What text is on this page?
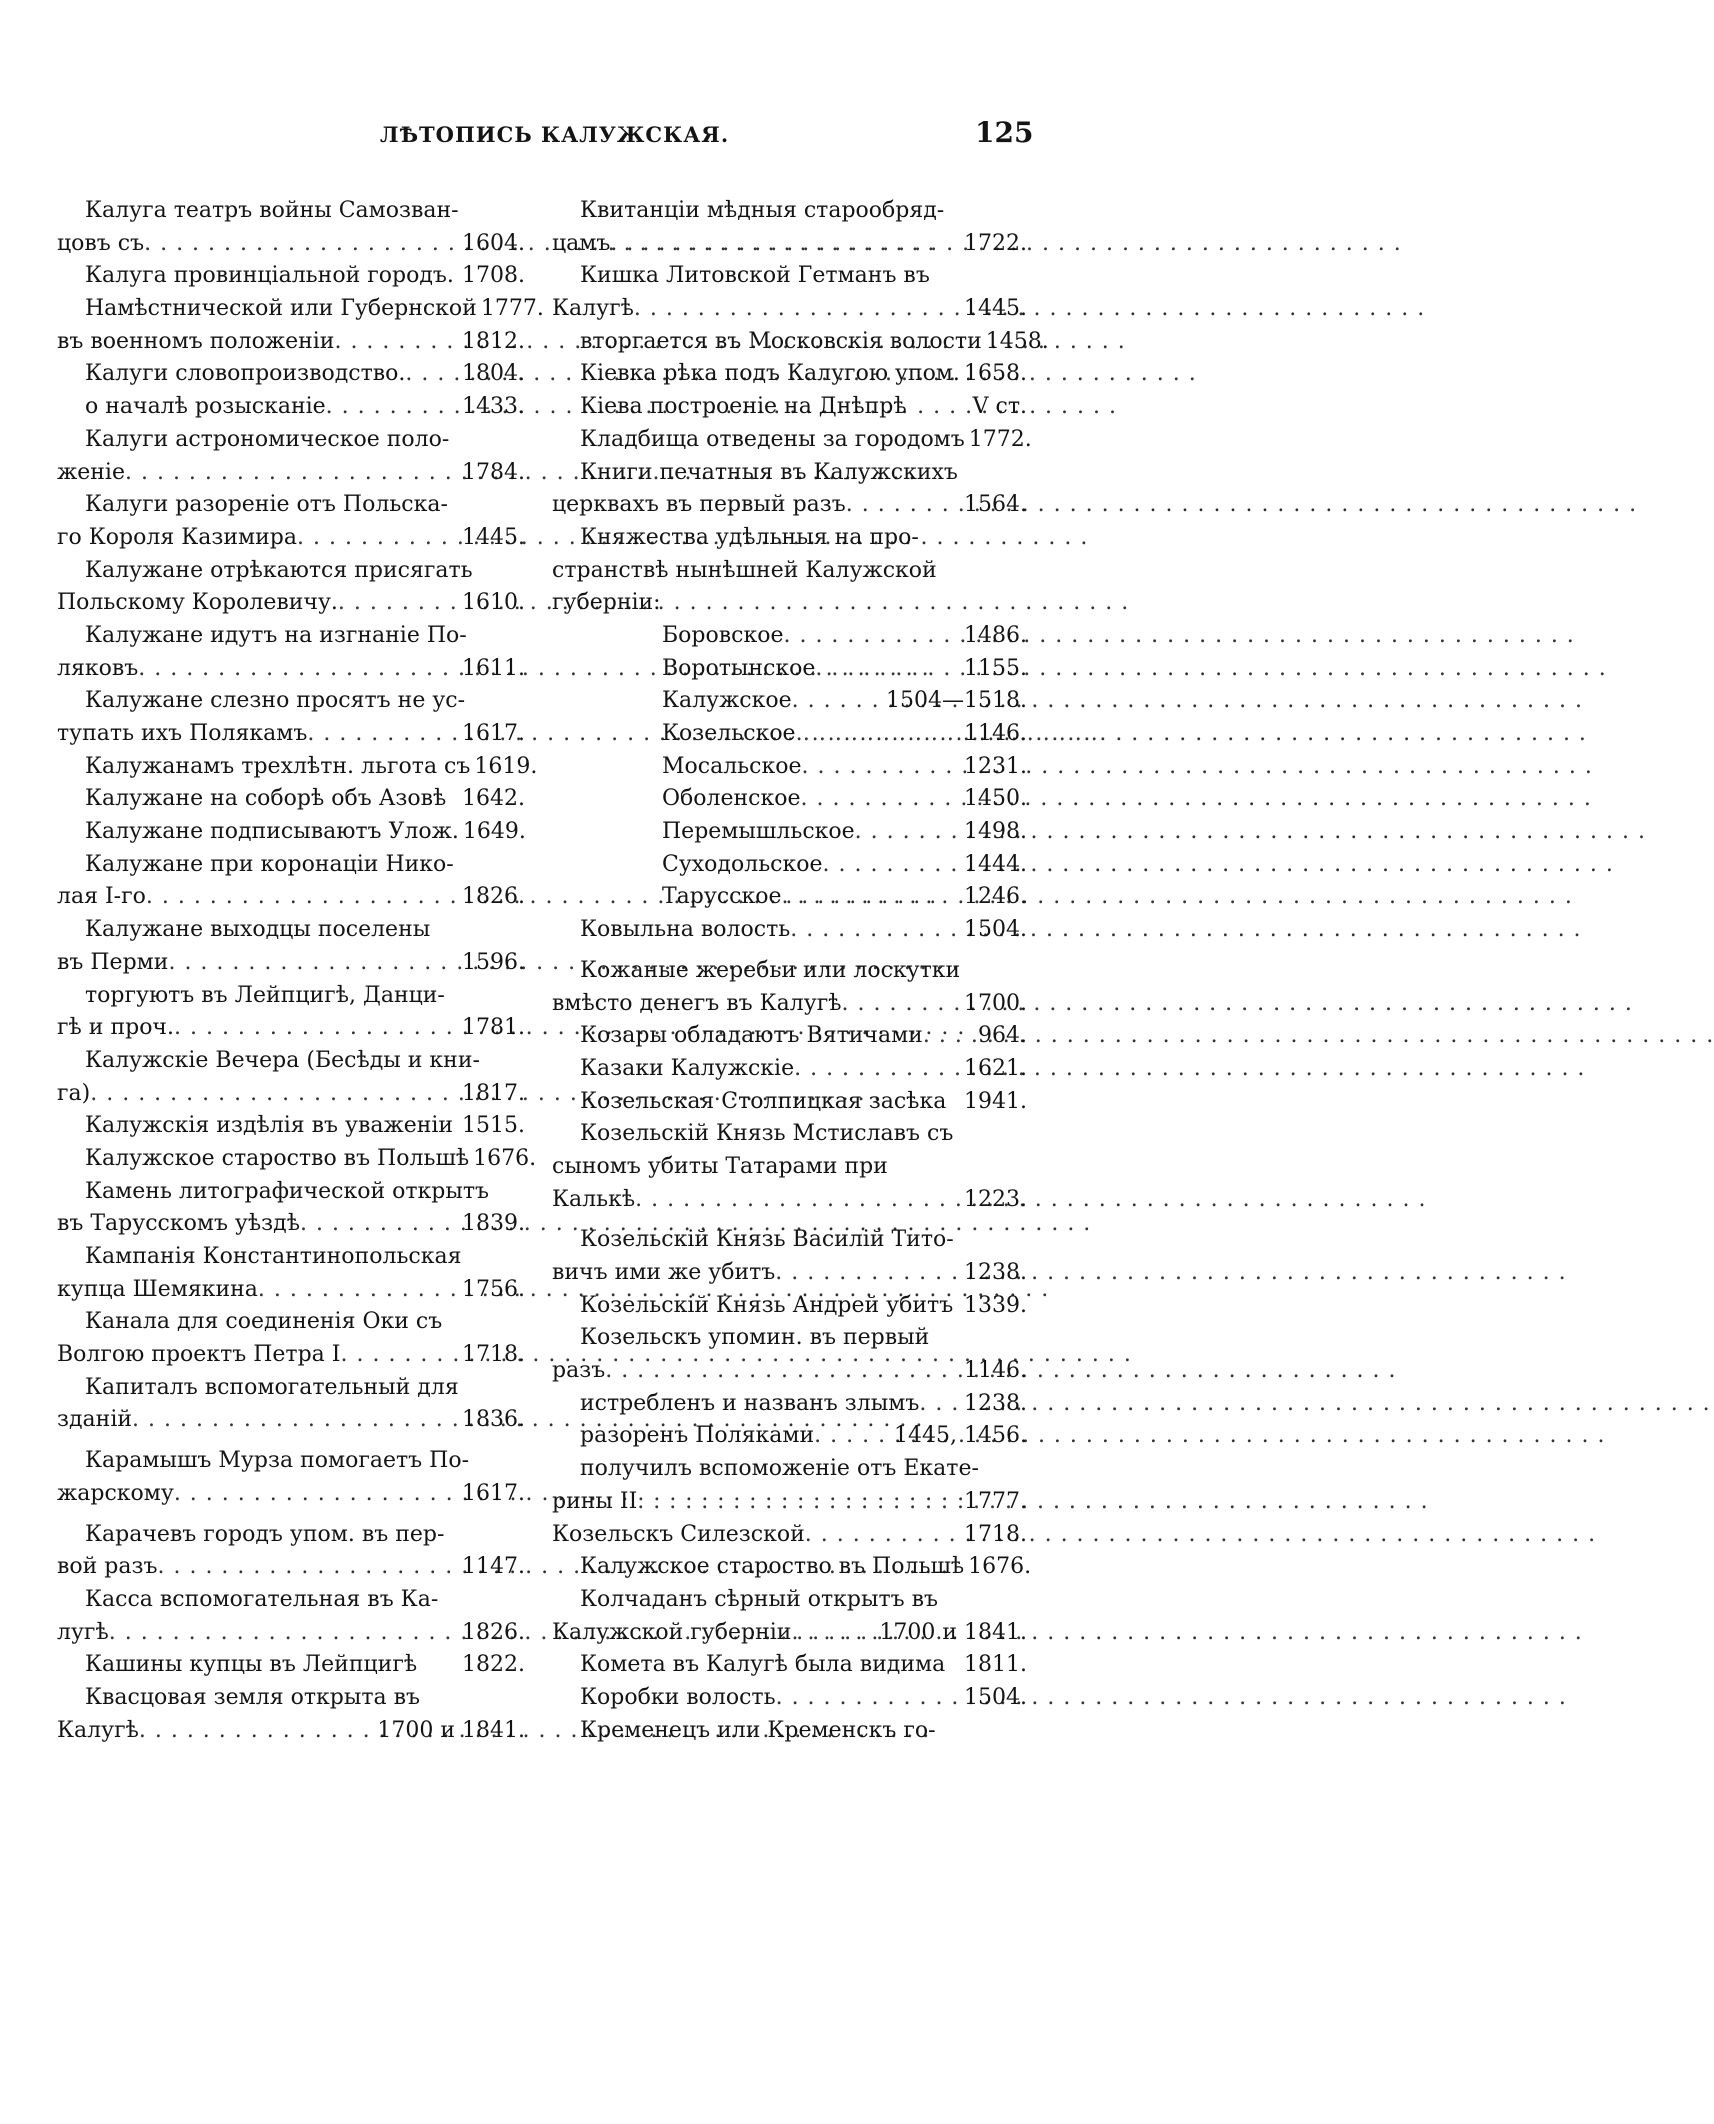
ЛѢТОПИСЬ КАЛУЖСКАЯ.	125
Калуга театръ войны Самозван-
цовъ съ . . .	1604.
Калуга провинціальной городъ. 1708.
Намѣстнической или Губернской 1777.
въ военномъ положеніи . . .	1812.
Калуги словопроизводство. . . .	1804.
о началѣ розысканіе . . .	1433.
Калуги астрономическое поло-
женіе . . .	1784.
Калуги разореніе отъ Польска-
го Короля Казимира . . .	1445.
Калужане отрѣкаются присягать
Польскому Королевичу. . . .	1610.
Калужане идутъ на изгнаніе По-
ляковъ . . .	1611.
Калужане слезно просятъ не ус-
тупать ихъ Полякамъ . . .	1617.
Калужанамъ трехлѣтн. льгота съ 1619.
Калужане на соборѣ объ Азовѣ 1642.
Калужане подписываютъ Улож. 1649.
Калужане при коронаціи Нико-
лая I-го . . .	1826.
Калужане выходцы поселены
въ Перми . . .	1596.
торгуютъ въ Лейпцигѣ, Данци-
гѣ и проч. . . .	1781.
Калужскіе Вечера (Бесѣды и кни-
га) . . .	1817.
Калужскія издѣлія въ уваженіи 1515.
Калужское староство въ Польшѣ 1676.
Камень литографической открытъ
въ Тарусскомъ уѣздѣ . . .	1839.
Кампанія Константинопольская
купца Шемякина . . .	1756.
Канала для соединенія Оки съ
Волгою проектъ Петра I . . .	1718.
Капиталъ вспомогательный для
зданій . . .	1836.
Карамышъ Мурза помогаетъ По-
жарскому . . .	1617.
Карачевъ городъ упом. въ пер-
вой разъ . . .	1147.
Касса вспомогательная въ Ка-
лугѣ . . .	1826.
Кашины купцы въ Лейпцигѣ 1822.
Квасцовая земля открыта въ
Калугѣ . . .	1700 и 1841.
Квитанціи мѣдныя старообряд-
цамъ . . .	1722.
Кишка Литовской Гетманъ въ
Калугѣ . . .	1445.
вторгается въ Московскія волости 1458.
Кіевка рѣка подъ Калугою упом. 1658.
Кіева построеніе на Днѣпрѣ	V ст.
Кладбища отведены за городомъ 1772.
Книги печатныя въ Калужскихъ
церквахъ въ первый разъ . . .	1564.
Княжества удѣльныя на про-
странствѣ нынѣшней Калужской
губерніи:
Боровское . . .	1486.
Воротынское . . .	1155.
Калужское . . .	1504—1518.
Козельское . . .	1146.
Мосальское . . .	1231.
Оболенское . . .	1450.
Перемышльское . . .	1498.
Суходольское . . .	1444.
Тарусское . . .	1246.
Ковыльна волость . . .	1504.
Кожаные жеребьи или лоскутки
вмѣсто денегъ въ Калугѣ . . .	1700.
Козары обладаютъ Вятичами . . .	964.
Казаки Калужскіе . . .	1621.
Козельская Столпицкая засѣка 1941.
Козельскій Князь Мстиславъ съ
сыномъ убиты Татарами при
Калькѣ . . .	1223.
Козельскій Князь Василій Тито-
вичъ ими же убитъ . . .	1238.
Козельскій Князь Андрей убитъ 1339.
Козельскъ упомин. въ первый
разъ . . .	1146.
истребленъ и названъ злымъ . . . 1238.
разоренъ Поляками . . .	1445, 1456.
получилъ вспоможеніе отъ Екате-
рины II . . .	1777.
Козельскъ Силезской . . .	1718.
Калужское староство въ Польшѣ 1676.
Колчаданъ сѣрный открытъ въ
Калужской губерніи . . .	1700 и 1841.
Комета въ Калугѣ была видима 1811.
Коробки волость . . .	1504.
Кременецъ или Кременскъ го-
